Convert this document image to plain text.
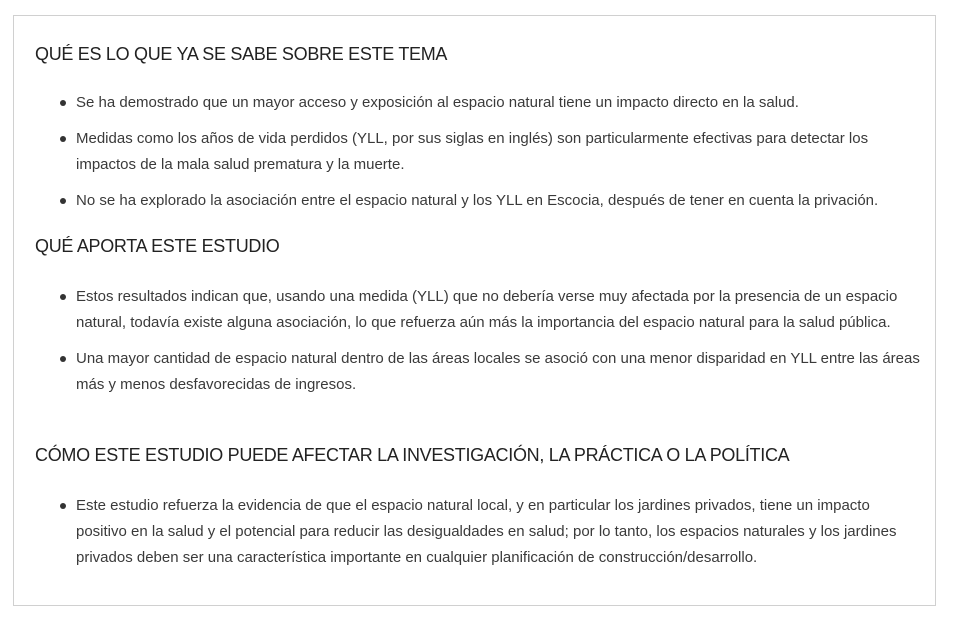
QUÉ ES LO QUE YA SE SABE SOBRE ESTE TEMA
Se ha demostrado que un mayor acceso y exposición al espacio natural tiene un impacto directo en la salud.
Medidas como los años de vida perdidos (YLL, por sus siglas en inglés) son particularmente efectivas para detectar los impactos de la mala salud prematura y la muerte.
No se ha explorado la asociación entre el espacio natural y los YLL en Escocia, después de tener en cuenta la privación.
QUÉ APORTA ESTE ESTUDIO
Estos resultados indican que, usando una medida (YLL) que no debería verse muy afectada por la presencia de un espacio natural, todavía existe alguna asociación, lo que refuerza aún más la importancia del espacio natural para la salud pública.
Una mayor cantidad de espacio natural dentro de las áreas locales se asoció con una menor disparidad en YLL entre las áreas más y menos desfavorecidas de ingresos.
CÓMO ESTE ESTUDIO PUEDE AFECTAR LA INVESTIGACIÓN, LA PRÁCTICA O LA POLÍTICA
Este estudio refuerza la evidencia de que el espacio natural local, y en particular los jardines privados, tiene un impacto positivo en la salud y el potencial para reducir las desigualdades en salud; por lo tanto, los espacios naturales y los jardines privados deben ser una característica importante en cualquier planificación de construcción/desarrollo.
